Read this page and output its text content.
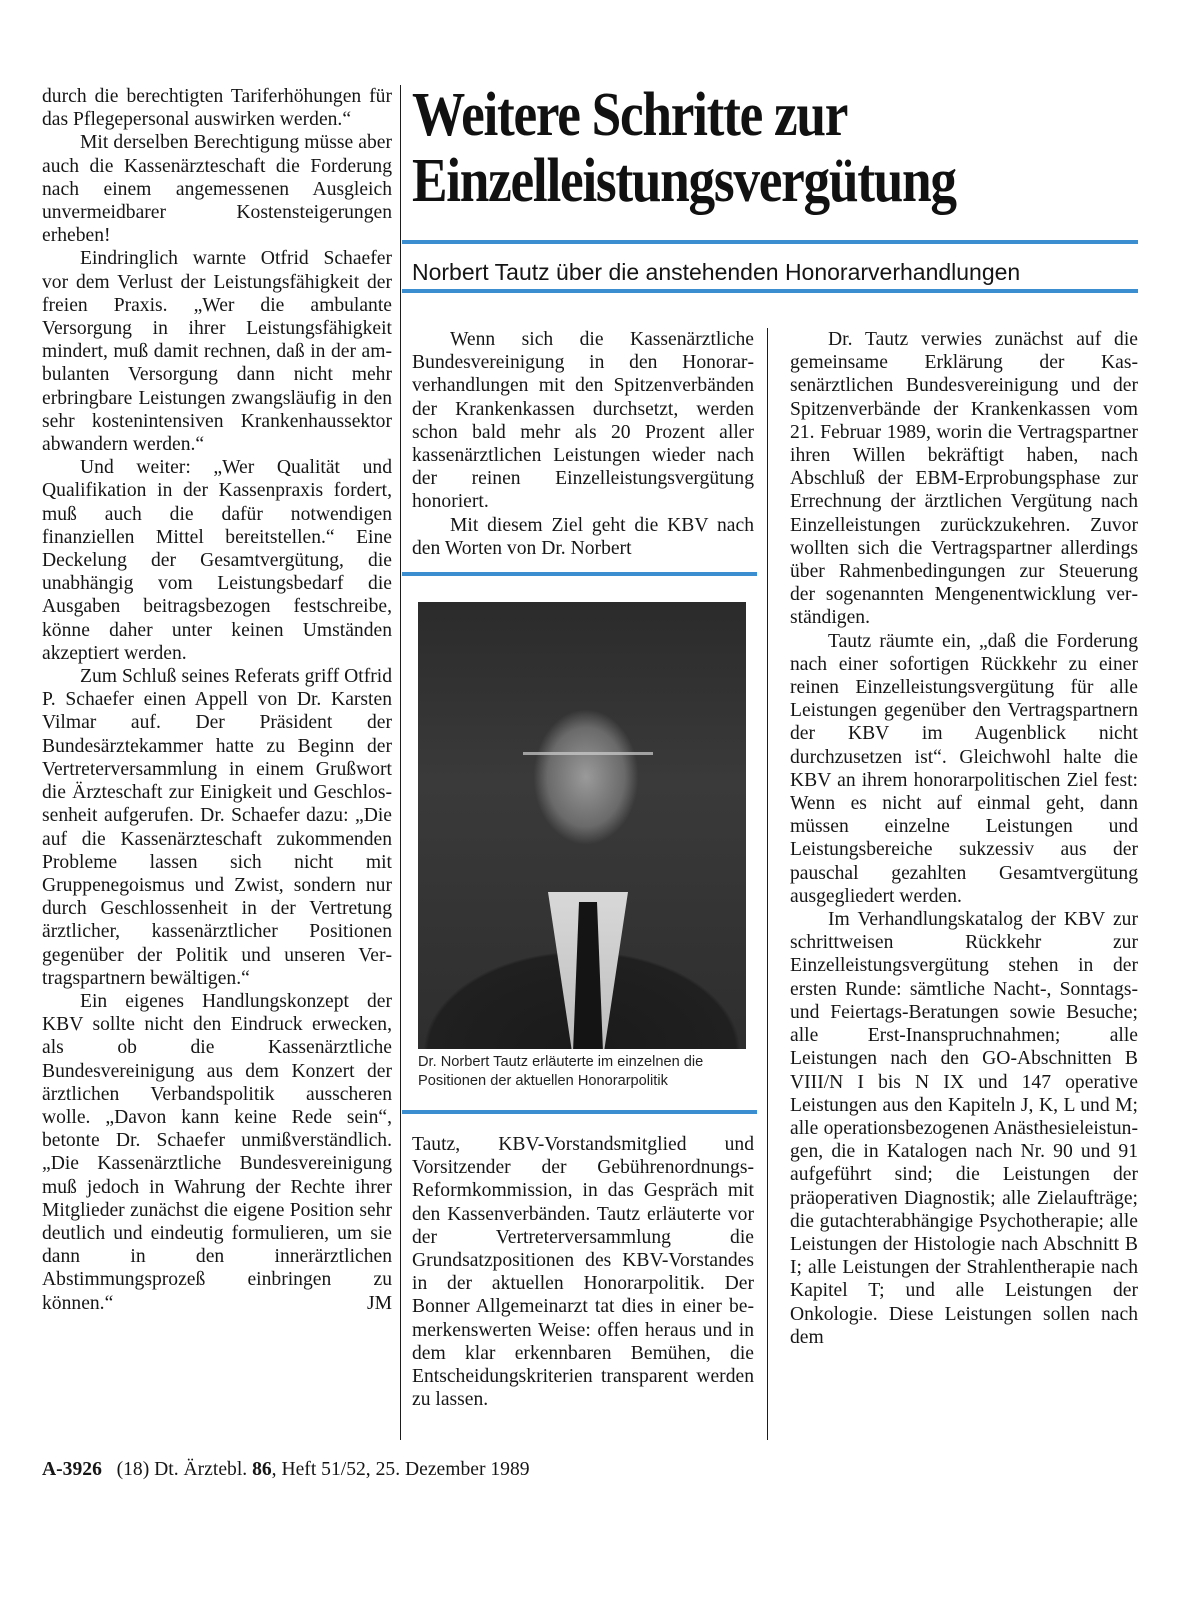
durch die berechtigten Tariferhöhungen für das Pflegepersonal auswirken werden.“

Mit derselben Berechtigung müsse aber auch die Kassenärzteschaft die Forderung nach einem angemessenen Ausgleich unvermeidbarer Kostensteigerungen erheben!

Eindringlich warnte Otfrid Schaefer vor dem Verlust der Leistungsfähigkeit der freien Praxis. „Wer die ambulante Versorgung in ihrer Leistungsfähigkeit mindert, muß damit rechnen, daß in der ambulanten Versorgung dann nicht mehr erbringbare Leistungen zwangsläufig in den sehr kostenintensiven Krankenhaussektor abwandern werden.“

Und weiter: „Wer Qualität und Qualifikation in der Kassenpraxis fordert, muß auch die dafür notwendigen finanziellen Mittel bereitstellen.“ Eine Deckelung der Gesamtvergütung, die unabhängig vom Leistungsbedarf die Ausgaben beitragsbezogen festschreibe, könne daher unter keinen Umständen akzeptiert werden.

Zum Schluß seines Referats griff Otfrid P. Schaefer einen Appell von Dr. Karsten Vilmar auf. Der Präsident der Bundesärztekammer hatte zu Beginn der Vertreterversammlung in einem Grußwort die Ärzteschaft zur Einigkeit und Geschlossenheit aufgerufen. Dr. Schaefer dazu: „Die auf die Kassenärzteschaft zukommenden Probleme lassen sich nicht mit Gruppenegoismus und Zwist, sondern nur durch Geschlossenheit in der Vertretung ärztlicher, kassenärztlicher Positionen gegenüber der Politik und unseren Vertragspartnern bewältigen.“

Ein eigenes Handlungskonzept der KBV sollte nicht den Eindruck erwecken, als ob die Kassenärztliche Bundesvereinigung aus dem Konzert der ärztlichen Verbandspolitik ausscheren wolle. „Davon kann keine Rede sein“, betonte Dr. Schaefer unmißverständlich. „Die Kassenärztliche Bundesvereinigung muß jedoch in Wahrung der Rechte ihrer Mitglieder zunächst die eigene Position sehr deutlich und eindeutig formulieren, um sie dann in den innerärztlichen Abstimmungsprozeß einbringen zu können.“	JM

Weitere Schritte zur
Einzelleistungsvergütung
Norbert Tautz über die anstehenden Honorarverhandlungen

Wenn sich die Kassenärztliche Bundesvereinigung in den Honorarverhandlungen mit den Spitzenverbänden der Krankenkassen durchsetzt, werden schon bald mehr als 20 Prozent aller kassenärztlichen Leistungen wieder nach der reinen Einzelleistungsvergütung honoriert.

Mit diesem Ziel geht die KBV nach den Worten von Dr. Norbert

Dr. Norbert Tautz erläuterte im einzelnen die Positionen der aktuellen Honorarpolitik

Tautz, KBV-Vorstandsmitglied und Vorsitzender der Gebührenordnungs-Reformkommission, in das Gespräch mit den Kassenverbänden. Tautz erläuterte vor der Vertreterversammlung die Grundsatzpositionen des KBV-Vorstandes in der aktuellen Honorarpolitik. Der Bonner Allgemeinarzt tat dies in einer bemerkenswerten Weise: offen heraus und in dem klar erkennbaren Bemühen, die Entscheidungskriterien transparent werden zu lassen.

Dr. Tautz verwies zunächst auf die gemeinsame Erklärung der Kassenärztlichen Bundesvereinigung und der Spitzenverbände der Krankenkassen vom 21. Februar 1989, worin die Vertragspartner ihren Willen bekräftigt haben, nach Abschluß der EBM-Erprobungsphase zur Errechnung der ärztlichen Vergütung nach Einzelleistungen zurückzukehren. Zuvor wollten sich die Vertragspartner allerdings über Rahmenbedingungen zur Steuerung der sogenannten Mengenentwicklung verständigen.

Tautz räumte ein, „daß die Forderung nach einer sofortigen Rückkehr zu einer reinen Einzelleistungsvergütung für alle Leistungen gegenüber den Vertragspartnern der KBV im Augenblick nicht durchzusetzen ist“. Gleichwohl halte die KBV an ihrem honorarpolitischen Ziel fest: Wenn es nicht auf einmal geht, dann müssen einzelne Leistungen und Leistungsbereiche sukzessiv aus der pauschal gezahlten Gesamtvergütung ausgegliedert werden.

Im Verhandlungskatalog der KBV zur schrittweisen Rückkehr zur Einzelleistungsvergütung stehen in der ersten Runde: sämtliche Nacht-, Sonntags- und Feiertags-Beratungen sowie Besuche; alle Erst-Inanspruchnahmen; alle Leistungen nach den GO-Abschnitten B VIII/N I bis N IX und 147 operative Leistungen aus den Kapiteln J, K, L und M; alle operationsbezogenen Anästhesieleistungen, die in Katalogen nach Nr. 90 und 91 aufgeführt sind; die Leistungen der präoperativen Diagnostik; alle Zielaufträge; die gutachterabhängige Psychotherapie; alle Leistungen der Histologie nach Abschnitt B I; alle Leistungen der Strahlentherapie nach Kapitel T; und alle Leistungen der Onkologie. Diese Leistungen sollen nach dem

A-3926 (18) Dt. Ärztebl. 86, Heft 51/52, 25. Dezember 1989
